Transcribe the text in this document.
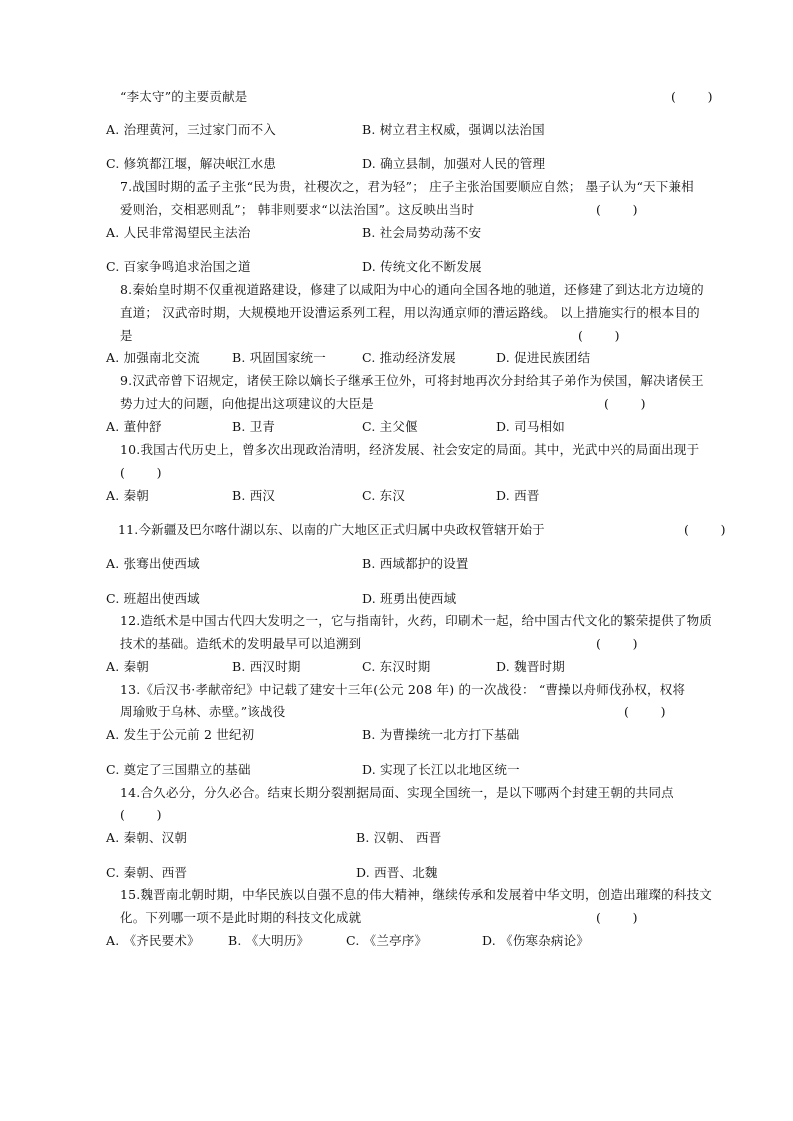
“李太守”的主要贡献是	(        )
A. 治理黄河，三过家门而不入	B. 树立君主权威，强调以法治国
C. 修筑都江堰，解决岷江水患	D. 确立县制，加强对人民的管理
7.战国时期的孟子主张“民为贵，社稷次之，君为轻”； 庄子主张治国要顺应自然； 墨子认为“天下兼相
爱则治，交相恶则乱”； 韩非则要求“以法治国”。这反映出当时	(        )
A. 人民非常渴望民主法治	B. 社会局势动荡不安
C. 百家争鸣追求治国之道	D. 传统文化不断发展
8.秦始皇时期不仅重视道路建设，修建了以咸阳为中心的通向全国各地的驰道，还修建了到达北方边境的
直道； 汉武帝时期，大规模地开设漕运系列工程，用以沟通京师的漕运路线。 以上措施实行的根本目的
是	(        )
A. 加强南北交流	B. 巩固国家统一	C. 推动经济发展	D. 促进民族团结
9.汉武帝曾下诏规定，诸侯王除以嫡长子继承王位外，可将封地再次分封给其子弟作为侯国，解决诸侯王
势力过大的问题，向他提出这项建议的大臣是	(        )
A. 董仲舒	B. 卫青	C. 主父偃	D. 司马相如
10.我国古代历史上，曾多次出现政治清明，经济发展、社会安定的局面。其中，光武中兴的局面出现于
(        )
A. 秦朝	B. 西汉	C. 东汉	D. 西晋
11.今新疆及巴尔喀什湖以东、以南的广大地区正式归属中央政权管辖开始于	(        )
A. 张骞出使西域	B. 西域都护的设置
C. 班超出使西域	D. 班勇出使西域
12.造纸术是中国古代四大发明之一，它与指南针，火药，印刷术一起，给中国古代文化的繁荣提供了物质
技术的基础。造纸术的发明最早可以追溯到	(        )
A. 秦朝	B. 西汉时期	C. 东汉时期	D. 魏晋时期
13.《后汉书·孝献帝纪》中记载了建安十三年(公元 208 年) 的一次战役： “曹操以舟师伐孙权，权将
周瑜败于乌林、赤壁。”该战役	(        )
A. 发生于公元前 2 世纪初	B. 为曹操统一北方打下基础
C. 奠定了三国鼎立的基础	D. 实现了长江以北地区统一
14.合久必分，分久必合。结束长期分裂割据局面、实现全国统一，是以下哪两个封建王朝的共同点
(        )
A. 秦朝、汉朝	B. 汉朝、 西晋
C. 秦朝、西晋	D. 西晋、北魏
15.魏晋南北朝时期，中华民族以自强不息的伟大精神，继续传承和发展着中华文明，创造出璀璨的科技文
化。下列哪一项不是此时期的科技文化成就	(        )
A. 《齐民要术》 B. 《大明历》	C. 《兰亭序》	D. 《伤寒杂病论》
